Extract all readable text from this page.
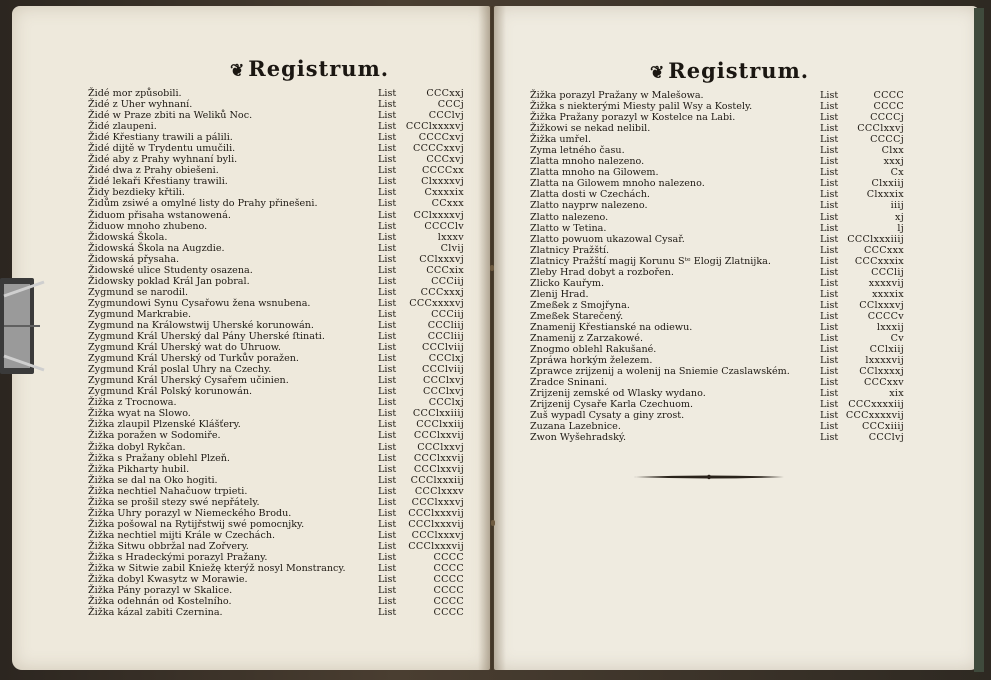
❦ Registrum.
Židé mor způsobili.	List	CCCxxj
Židé z Uher wyhnaní.	List	CCCj
Židé w Praze zbiti na Weliků Noc.	List	CCClvj
Židé zlaupeni.	List	CCClxxxxvj
Židé Křestiany trawili a pálili.	List	CCCCxvj
Židé dijtě w Trydentu umučili.	List	CCCCxxvj
Židé aby z Prahy wyhnaní byli.	List	CCCxvj
Židé dwa z Prahy obiešeni.	List	CCCCxx
Židé lekaři Křestiany trawili.	List	Clxxxxvj
Židy bezdieky křtili.	List	Cxxxxix
Židům zsiwé a omylné listy do Prahy přinešeni.	List	CCxxx
Židuom přisaha wstanowená.	List	CClxxxxvj
Židuow mnoho zhubeno.	List	CCCClv
Židowská Škola.	List	lxxxv
Židowská Škola na Augzdie.	List	Clvij
Židowská přysaha.	List	CClxxxvj
Židowské ulice Studenty osazena.	List	CCCxix
Židowsky poklad Král Jan pobral.	List	CCCiij
Zygmund se narodil.	List	CCCxxxj
Zygmundowi Synu Cysařowu žena wsnubena.	List	CCCxxxxvj
Zygmund Markrabie.	List	CCCiij
Zygmund na Králowstwij Uherské korunowán.	List	CCCliij
Zygmund Král Uherský dal Pány Uherské ſtinati.	List	CCCliij
Zygmund Král Uherský wat do Uhruow.	List	CCClviij
Zygmund Král Uherský od Turkův poražen.	List	CCClxj
Zygmund Král poslal Uhry na Czechy.	List	CCClviij
Zygmund Král Uherský Cysařem učinien.	List	CCClxvj
Zygmund Král Polský korunowán.	List	CCClxvj
Žižka z Trocnowa.	List	CCClxj
Žižka wyat na Slowo.	List	CCClxxiiij
Žižka zlaupil Plzenské Klášťery.	List	CCClxxiij
Žižka poražen w Sodomiře.	List	CCClxxvij
Žižka dobyl Rykčan.	List	CCClxxvj
Žižka s Pražany oblehl Plzeň.	List	CCClxxvij
Žižka Pikharty hubil.	List	CCClxxvij
Žižka se dal na Oko hogiti.	List	CCClxxxiij
Žižka nechtiel Nahačuow trpieti.	List	CCClxxxv
Žižka se prošil stezy swé nepřátely.	List	CCClxxxvj
Žižka Uhry porazyl w Niemeckého Brodu.	List	CCClxxxvij
Žižka pošowal na Rytijřstwij swé pomocnjky.	List	CCClxxxvij
Žižka nechtiel mijti Krále w Czechách.	List	CCClxxxvj
Žižka Sitwu obbržal nad Zořvery.	List	CCClxxxvij
Žižka s Hradeckými porazyl Pražany.	List	CCCC
Žižka w Sitwie zabil Kniežę kterýž nosyl Monstrancy.	List	CCCC
Žižka dobyl Kwasytz w Morawie.	List	CCCC
Žižka Pány porazyl w Skalice.	List	CCCC
Žižka odehnán od Kostelního.	List	CCCC
Žižka kázal zabiti Czernina.	List	CCCC
❦ Registrum.
Žižka porazyl Pražany w Malešowa.	List	CCCC
Žižka s niekterými Miesty palil Wsy a Kostely.	List	CCCC
Žižka Pražany porazyl w Kostelce na Labi.	List	CCCCj
Žižkowi se nekad nelibil.	List	CCClxxvj
Žižka umřel.	List	CCCCj
Zyma letného času.	List	Clxx
Zlatta mnoho nalezeno.	List	xxxj
Zlatta mnoho na Gilowem.	List	Cx
Zlatta na Gilowem mnoho nalezeno.	List	Clxxiij
Zlatta dosti w Czechách.	List	Clxxxix
Zlatto nayprw nalezeno.	List	iiij
Zlatto nalezeno.	List	xj
Zlatto w Tetina.	List	lj
Zlatto powuom ukazowal Cysař.	List CCClxxxiiij
Zlatnicy Pražští.	List	CCCxxx
Zlatnicy Pražští magij Korunu Sᵗᵉ Elogij Zlatnijka.	List	CCCxxxix
Zleby Hrad dobyt a rozbořen.	List	CCClij
Zlicko Kauřym.	List	xxxxvij
Zlenij Hrad.	List	xxxxix
Zmeßek z Smojřyna.	List	CClxxxvj
Zmeßek Starečený.	List	CCCCv
Znamenij Křestianské na odiewu.	List	lxxxij
Znamenij z Zarzakowé.	List	Cv
Znogmo oblehl Rakušané.	List	CClxiij
Zpráwa horkým železem.	List	lxxxxvij
Zprawce zrijzenij a wolenij na Sniemie Czaslawském.	List	CClxxxxj
Zradce Sninani.	List	CCCxxv
Zrijzenij zemské od Wlasky wydano.	List	xix
Zrijzenij Cysaře Karla Czechuom.	List	CCCxxxxiij
Zuš wypadl Cysaty a giny zrost.	List CCCxxxxvij
Zuzana Lazebnice.	List	CCCxiiij
Zwon Wyšehradský.	List	CCClvj
